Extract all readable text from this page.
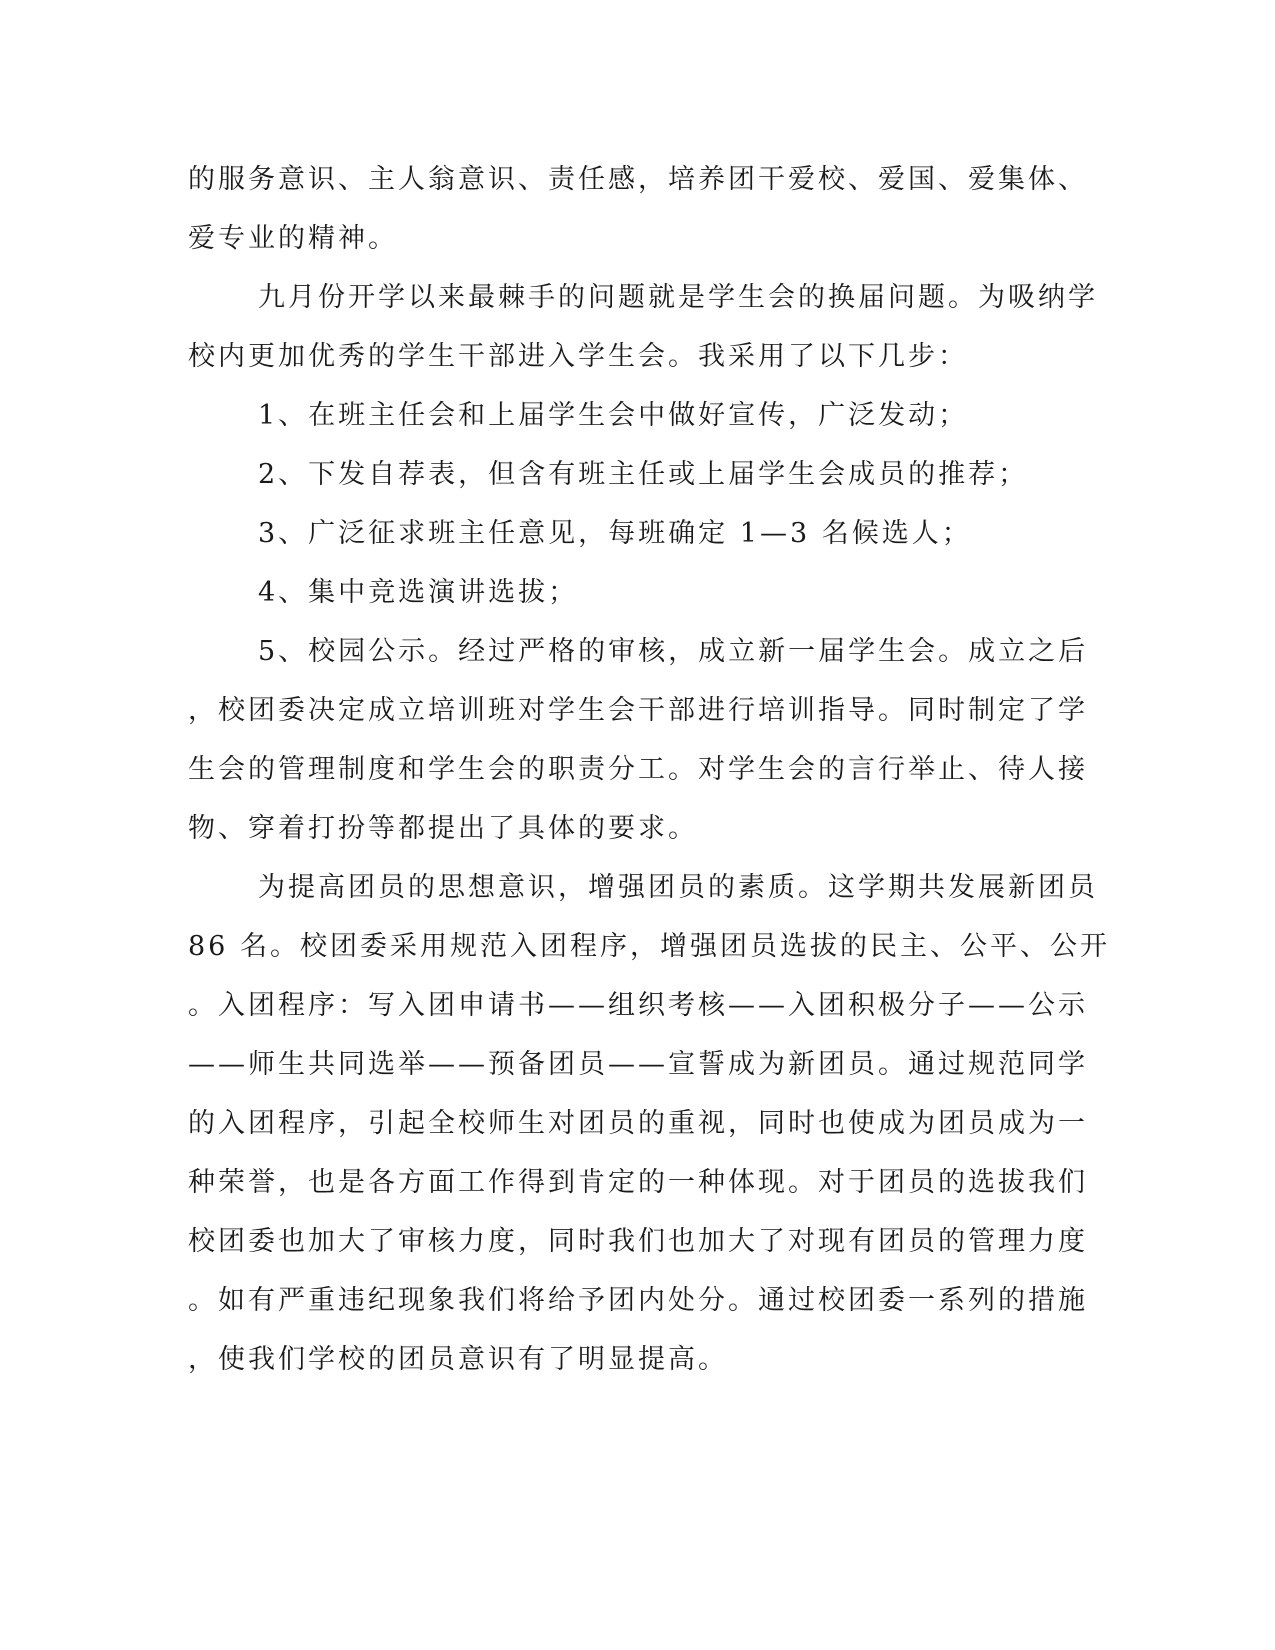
的服务意识、主人翁意识、责任感，培养团干爱校、爱国、爱集体、
爱专业的精神。
九月份开学以来最棘手的问题就是学生会的换届问题。为吸纳学
校内更加优秀的学生干部进入学生会。我采用了以下几步：
1、在班主任会和上届学生会中做好宣传，广泛发动；
2、下发自荐表，但含有班主任或上届学生会成员的推荐；
3、广泛征求班主任意见，每班确定 1—3 名候选人；
4、集中竞选演讲选拔；
5、校园公示。经过严格的审核，成立新一届学生会。成立之后
，校团委决定成立培训班对学生会干部进行培训指导。同时制定了学
生会的管理制度和学生会的职责分工。对学生会的言行举止、待人接
物、穿着打扮等都提出了具体的要求。
为提高团员的思想意识，增强团员的素质。这学期共发展新团员
86 名。校团委采用规范入团程序，增强团员选拔的民主、公平、公开
。入团程序：写入团申请书——组织考核——入团积极分子——公示
——师生共同选举——预备团员——宣誓成为新团员。通过规范同学
的入团程序，引起全校师生对团员的重视，同时也使成为团员成为一
种荣誉，也是各方面工作得到肯定的一种体现。对于团员的选拔我们
校团委也加大了审核力度，同时我们也加大了对现有团员的管理力度
。如有严重违纪现象我们将给予团内处分。通过校团委一系列的措施
，使我们学校的团员意识有了明显提高。
